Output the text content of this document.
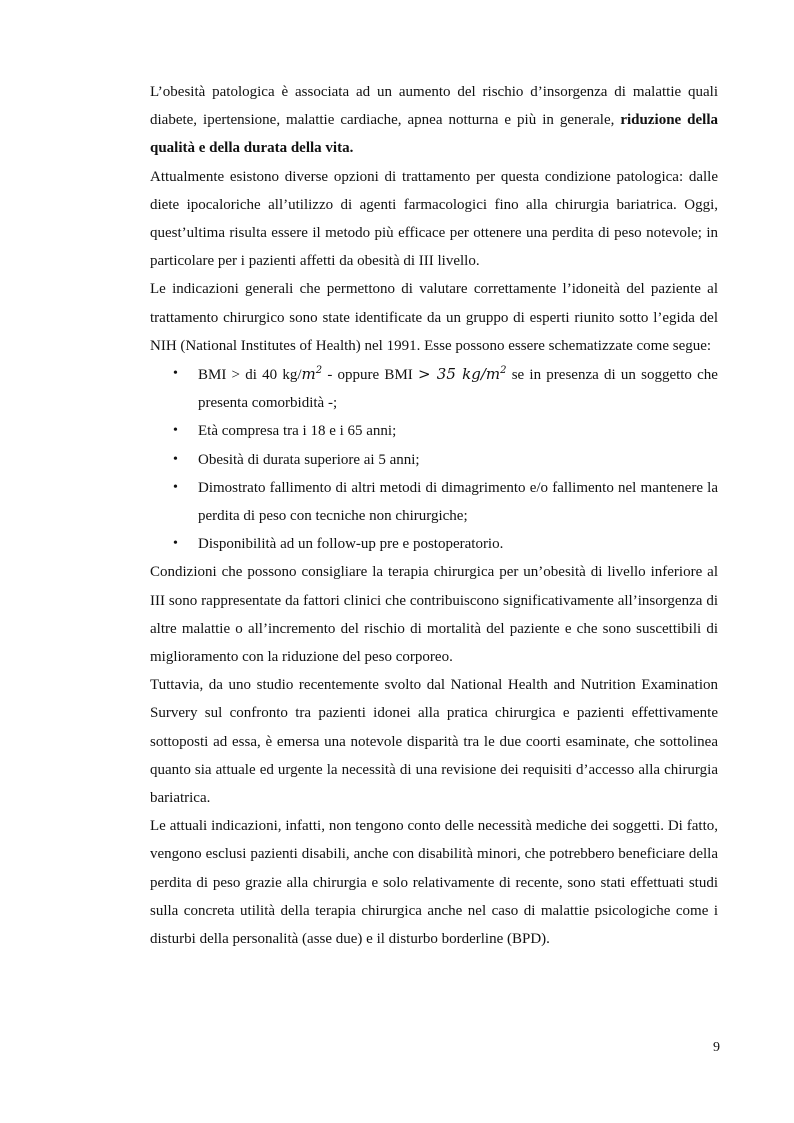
L’obesità patologica è associata ad un aumento del rischio d’insorgenza di malattie quali diabete, ipertensione, malattie cardiache, apnea notturna e più in generale, riduzione della qualità e della durata della vita.

Attualmente esistono diverse opzioni di trattamento per questa condizione patologica: dalle diete ipocaloriche all’utilizzo di agenti farmacologici fino alla chirurgia bariatrica. Oggi, quest’ultima risulta essere il metodo più efficace per ottenere una perdita di peso notevole; in particolare per i pazienti affetti da obesità di III livello.

Le indicazioni generali che permettono di valutare correttamente l’idoneità del paziente al trattamento chirurgico sono state identificate da un gruppo di esperti riunito sotto l’egida del NIH (National Institutes of Health) nel 1991. Esse possono essere schematizzate come segue:

• BMI > di 40 $kg/m^2$ - oppure BMI > 35 $kg/m^2$ se in presenza di un soggetto che presenta comorbidità -;
• Età compresa tra i 18 e i 65 anni;
• Obesità di durata superiore ai 5 anni;
• Dimostrato fallimento di altri metodi di dimagrimento e/o fallimento nel mantenere la perdita di peso con tecniche non chirurgiche;
• Disponibilità ad un follow-up pre e postoperatorio.

Condizioni che possono consigliare la terapia chirurgica per un’obesità di livello inferiore al III sono rappresentate da fattori clinici che contribuiscono significativamente all’insorgenza di altre malattie o all’incremento del rischio di mortalità del paziente e che sono suscettibili di miglioramento con la riduzione del peso corporeo.

Tuttavia, da uno studio recentemente svolto dal National Health and Nutrition Examination Survery sul confronto tra pazienti idonei alla pratica chirurgica e pazienti effettivamente sottoposti ad essa, è emersa una notevole disparità tra le due coorti esaminate, che sottolinea quanto sia attuale ed urgente la necessità di una revisione dei requisiti d’accesso alla chirurgia bariatrica.

Le attuali indicazioni, infatti, non tengono conto delle necessità mediche dei soggetti. Di fatto, vengono esclusi pazienti disabili, anche con disabilità minori, che potrebbero beneficiare della perdita di peso grazie alla chirurgia e solo relativamente di recente, sono stati effettuati studi sulla concreta utilità della terapia chirurgica anche nel caso di malattie psicologiche come i disturbi della personalità (asse due) e il disturbo borderline (BPD).

9
